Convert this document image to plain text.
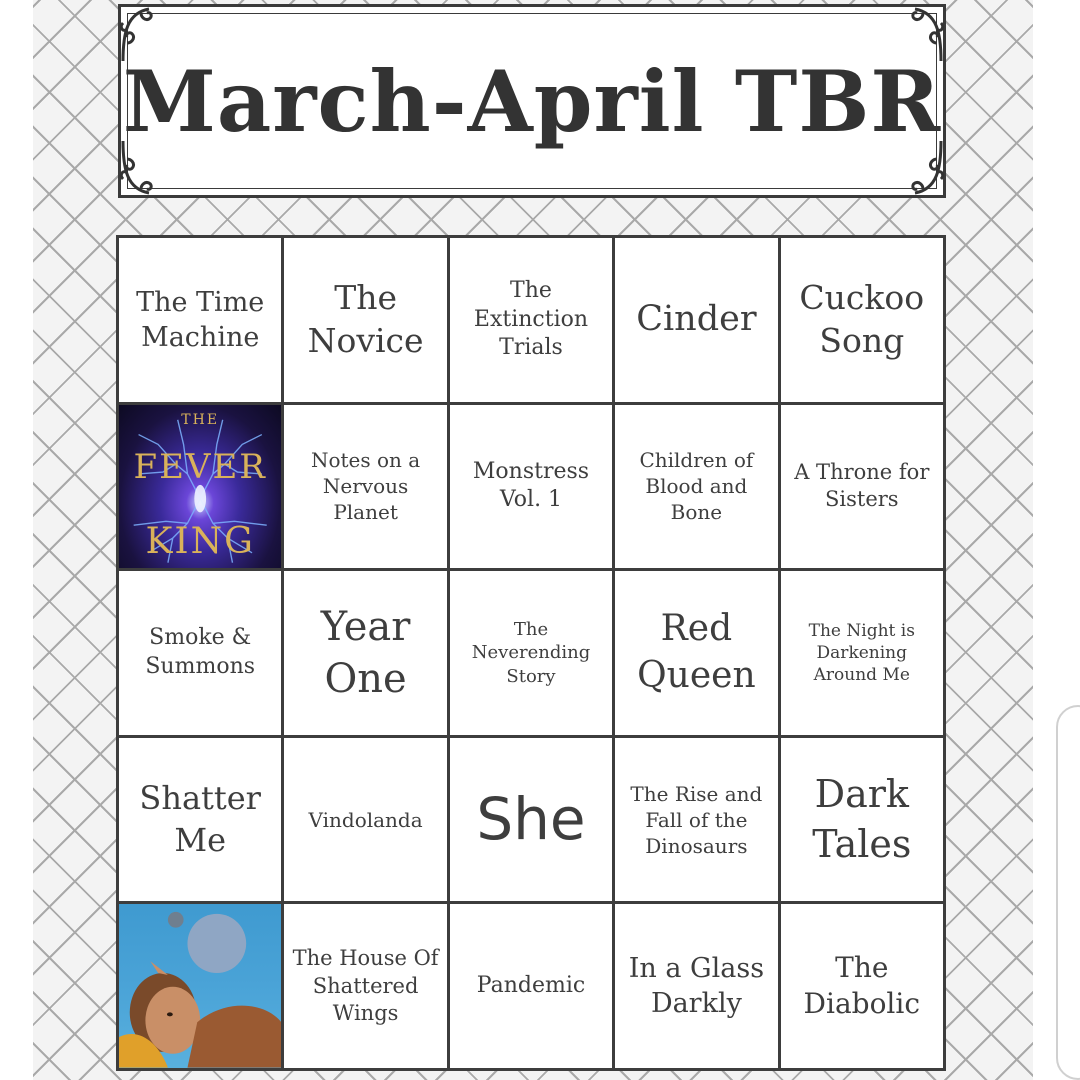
March-April TBR
The Time Machine
The Novice
The Extinction Trials
Cinder
Cuckoo Song
THE
FEVER
KING
Notes on a Nervous Planet
Monstress Vol. 1
Children of Blood and Bone
A Throne for Sisters
Smoke & Summons
Year One
The Neverending Story
Red Queen
The Night is Darkening Around Me
Shatter Me
Vindolanda She	The Rise and Fall of the Dinosaurs
Dark Tales
The House Of Shattered Wings
Pandemic
In a Glass Darkly
The Diabolic
